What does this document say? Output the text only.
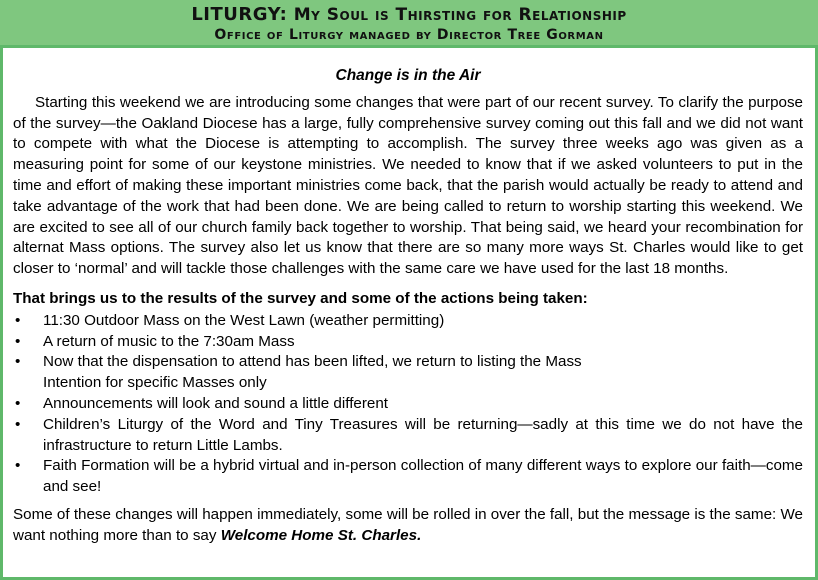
LITURGY: My Soul is Thirsting for Relationship
Office of Liturgy managed by Director Tree Gorman
Change is in the Air

Starting this weekend we are introducing some changes that were part of our recent survey. To clarify the purpose of the survey—the Oakland Diocese has a large, fully comprehensive survey coming out this fall and we did not want to compete with what the Diocese is attempting to accomplish. The survey three weeks ago was given as a measuring point for some of our keystone ministries. We needed to know that if we asked volunteers to put in the time and effort of making these important ministries come back, that the parish would actually be ready to attend and take advantage of the work that had been done. We are being called to return to worship starting this weekend. We are excited to see all of our church family back together to worship. That being said, we heard your recombination for alternat Mass options. The survey also let us know that there are so many more ways St. Charles would like to get closer to ‘normal’ and will tackle those challenges with the same care we have used for the last 18 months.

That brings us to the results of the survey and some of the actions being taken:
• 11:30 Outdoor Mass on the West Lawn (weather permitting)
• A return of music to the 7:30am Mass
• Now that the dispensation to attend has been lifted, we return to listing the Mass
Intention for specific Masses only
• Announcements will look and sound a little different
• Children’s Liturgy of the Word and Tiny Treasures will be returning—sadly at this time we do not have the infrastructure to return Little Lambs.
• Faith Formation will be a hybrid virtual and in-person collection of many different ways to explore our faith—come and see!

Some of these changes will happen immediately, some will be rolled in over the fall, but the message is the same: We want nothing more than to say Welcome Home St. Charles.
